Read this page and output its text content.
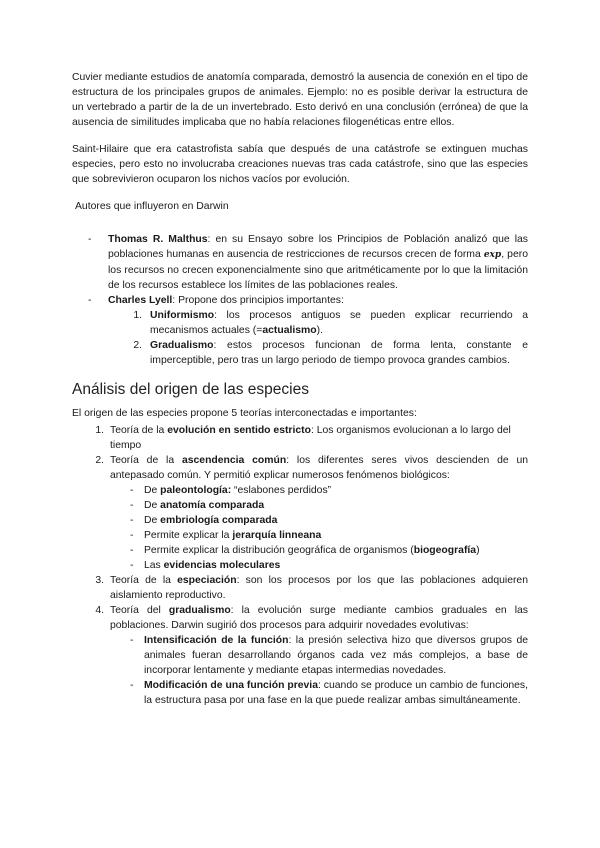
Cuvier mediante estudios de anatomía comparada, demostró la ausencia de conexión en el tipo de estructura de los principales grupos de animales. Ejemplo: no es posible derivar la estructura de un vertebrado a partir de la de un invertebrado. Esto derivó en una conclusión (errónea) de que la ausencia de similitudes implicaba que no había relaciones filogenéticas entre ellos.

Saint-Hilaire que era catastrofista sabía que después de una catástrofe se extinguen muchas especies, pero esto no involucraba creaciones nuevas tras cada catástrofe, sino que las especies que sobrevivieron ocuparon los nichos vacíos por evolución.

Autores que influyeron en Darwin

-	Thomas R. Malthus: en su Ensayo sobre los Principios de Población analizó que las poblaciones humanas en ausencia de restricciones de recursos crecen de forma exp, pero los recursos no crecen exponencialmente sino que aritméticamente por lo que la limitación de los recursos establece los límites de las poblaciones reales.
-	Charles Lyell: Propone dos principios importantes:
1. Uniformismo: los procesos antiguos se pueden explicar recurriendo a mecanismos actuales (=actualismo).
2. Gradualismo: estos procesos funcionan de forma lenta, constante e imperceptible, pero tras un largo periodo de tiempo provoca grandes cambios.
Análisis del origen de las especies

El origen de las especies propone 5 teorías interconectadas e importantes:

1. Teoría de la evolución en sentido estricto: Los organismos evolucionan a lo largo del tiempo
2. Teoría de la ascendencia común: los diferentes seres vivos descienden de un antepasado común. Y permitió explicar numerosos fenómenos biológicos:
-	De paleontología: “eslabones perdidos”
-	De anatomía comparada
-	De embriología comparada
-	Permite explicar la jerarquía linneana
-	Permite explicar la distribución geográfica de organismos (biogeografía)
-	Las evidencias moleculares
3. Teoría de la especiación: son los procesos por los que las poblaciones adquieren aislamiento reproductivo.
4. Teoría del gradualismo: la evolución surge mediante cambios graduales en las poblaciones. Darwin sugirió dos procesos para adquirir novedades evolutivas:
-	Intensificación de la función: la presión selectiva hizo que diversos grupos de animales fueran desarrollando órganos cada vez más complejos, a base de incorporar lentamente y mediante etapas intermedias novedades.
-	Modificación de una función previa: cuando se produce un cambio de funciones, la estructura pasa por una fase en la que puede realizar ambas simultáneamente.
